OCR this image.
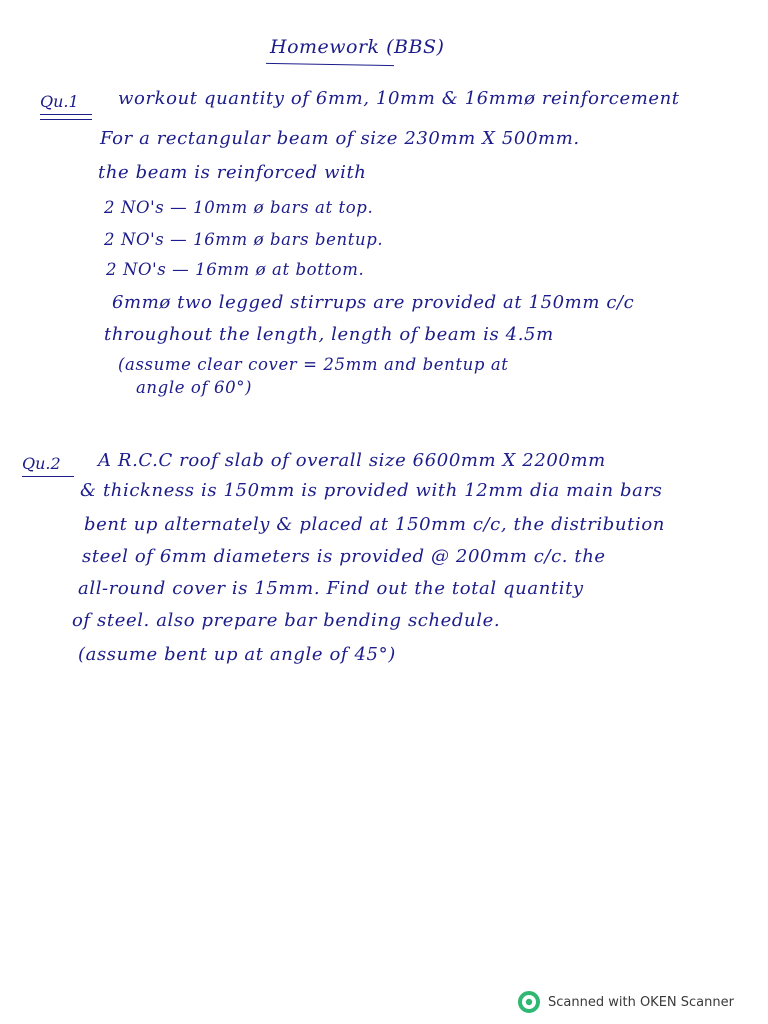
Homework (BBS)
Qu.1 workout quantity of 6mm, 10mm & 16mmø reinforcement
For a rectangular beam of size 230mm X 500mm.
the beam is reinforced with
2 NO's — 10mm ø bars at top.
2 NO's — 16mm ø bars bentup.
2 NO's — 16mm ø at bottom.
6mmø two legged stirrups are provided at 150mm c/c
throughout the length, length of beam is 4.5m
(assume clear cover = 25mm and bentup at
angle of 60°)
Qu.2 A R.C.C roof slab of overall size 6600mm X 2200mm
& thickness is 150mm is provided with 12mm dia main bars
bent up alternately & placed at 150mm c/c, the distribution
steel of 6mm diameters is provided @ 200mm c/c. the
all-round cover is 15mm. Find out the total quantity
of steel. also prepare bar bending schedule.
(assume bent up at angle of 45°)
Scanned with OKEN Scanner
